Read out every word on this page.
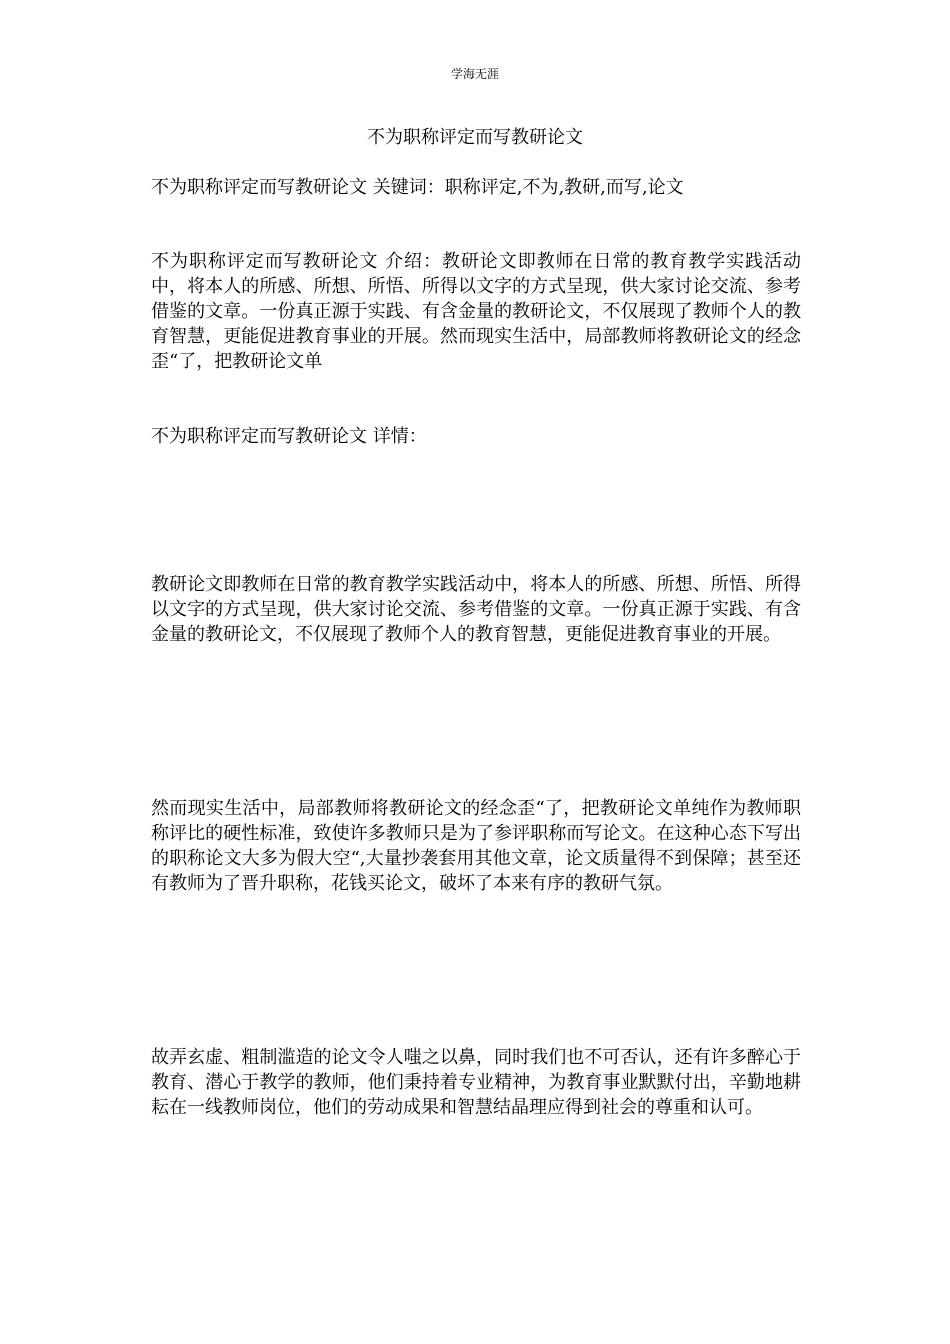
学海无涯
不为职称评定而写教研论文
不为职称评定而写教研论文 关键词：职称评定,不为,教研,而写,论文
不为职称评定而写教研论文 介绍：教研论文即教师在日常的教育教学实践活动中，将本人的所感、所想、所悟、所得以文字的方式呈现，供大家讨论交流、参考借鉴的文章。一份真正源于实践、有含金量的教研论文，不仅展现了教师个人的教育智慧，更能促进教育事业的开展。然而现实生活中，局部教师将教研论文的经念歪“了，把教研论文单
不为职称评定而写教研论文 详情：
教研论文即教师在日常的教育教学实践活动中，将本人的所感、所想、所悟、所得以文字的方式呈现，供大家讨论交流、参考借鉴的文章。一份真正源于实践、有含金量的教研论文，不仅展现了教师个人的教育智慧，更能促进教育事业的开展。
然而现实生活中，局部教师将教研论文的经念歪“了，把教研论文单纯作为教师职称评比的硬性标准，致使许多教师只是为了参评职称而写论文。在这种心态下写出的职称论文大多为假大空“,大量抄袭套用其他文章，论文质量得不到保障；甚至还有教师为了晋升职称，花钱买论文，破坏了本来有序的教研气氛。
故弄玄虚、粗制滥造的论文令人嗤之以鼻，同时我们也不可否认，还有许多醉心于教育、潜心于教学的教师，他们秉持着专业精神，为教育事业默默付出，辛勤地耕耘在一线教师岗位，他们的劳动成果和智慧结晶理应得到社会的尊重和认可。
